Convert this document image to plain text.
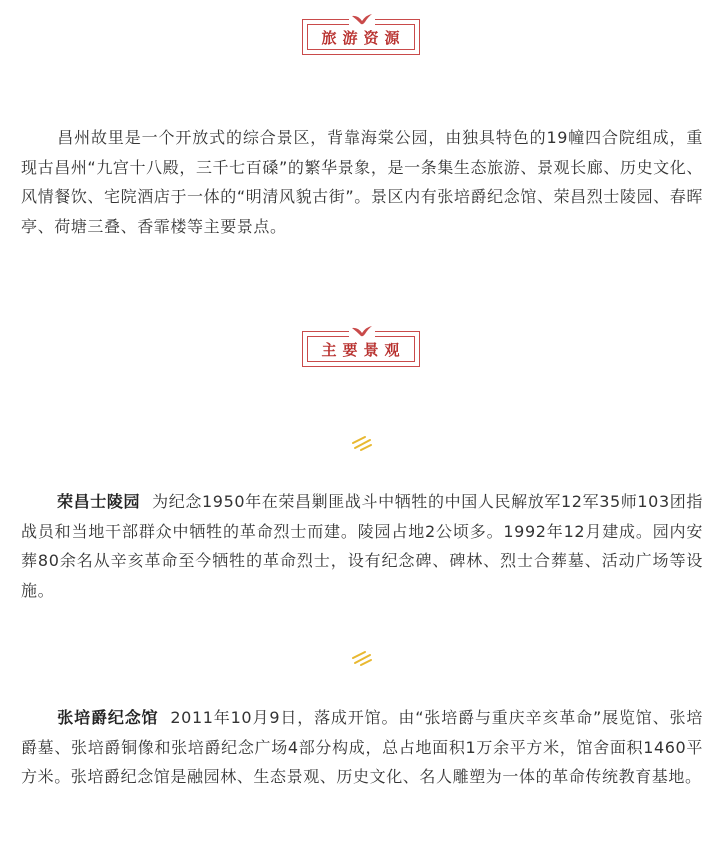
旅游资源

昌州故里是一个开放式的综合景区，背靠海棠公园，由独具特色的19幢四合院组成，重现古昌州“九宫十八殿，三千七百磉”的繁华景象，是一条集生态旅游、景观长廊、历史文化、风情餐饮、宅院酒店于一体的“明清风貌古街”。景区内有张培爵纪念馆、荣昌烈士陵园、春晖亭、荷塘三叠、香霏楼等主要景点。

主要景观

荣昌士陵园 为纪念1950年在荣昌剿匪战斗中牺牲的中国人民解放军12军35师103团指战员和当地干部群众中牺牲的革命烈士而建。陵园占地2公顷多。1992年12月建成。园内安葬80余名从辛亥革命至今牺牲的革命烈士，设有纪念碑、碑林、烈士合葬墓、活动广场等设施。

张培爵纪念馆 2011年10月9日，落成开馆。由“张培爵与重庆辛亥革命”展览馆、张培爵墓、张培爵铜像和张培爵纪念广场4部分构成，总占地面积1万余平方米，馆舍面积1460平方米。张培爵纪念馆是融园林、生态景观、历史文化、名人雕塑为一体的革命传统教育基地。
